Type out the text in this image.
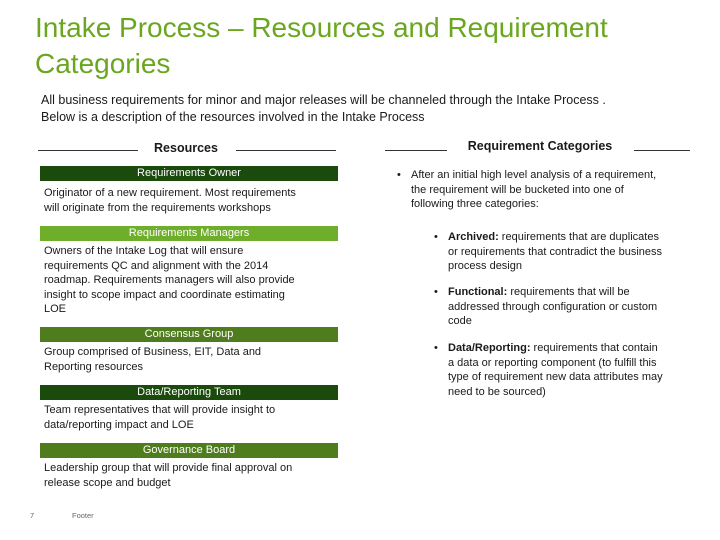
Intake Process – Resources and Requirement
Categories
All business requirements for minor and major releases will be channeled through the Intake Process .
Below is a description of the resources involved in the Intake Process
Resources
Requirements Owner
Originator of a new requirement. Most requirements
will originate from the requirements workshops
Requirements Managers
Owners of the Intake Log that will ensure
requirements QC and alignment with the 2014
roadmap. Requirements managers will also provide
insight to scope impact and coordinate estimating
LOE
Consensus Group
Group comprised of Business, EIT, Data and
Reporting resources
Data/Reporting Team
Team representatives that will provide insight to
data/reporting impact and LOE
Governance Board
Leadership group that will provide final approval on
release scope and budget
Requirement Categories
• After an initial high level analysis of a requirement,
the requirement will be bucketed into one of
following three categories:
• Archived: requirements that are duplicates
or requirements that contradict the business
process design
• Functional: requirements that will be
addressed through configuration or custom
code
• Data/Reporting: requirements that contain
a data or reporting component (to fulfill this
type of requirement new data attributes may
need to be sourced)
7	Footer
